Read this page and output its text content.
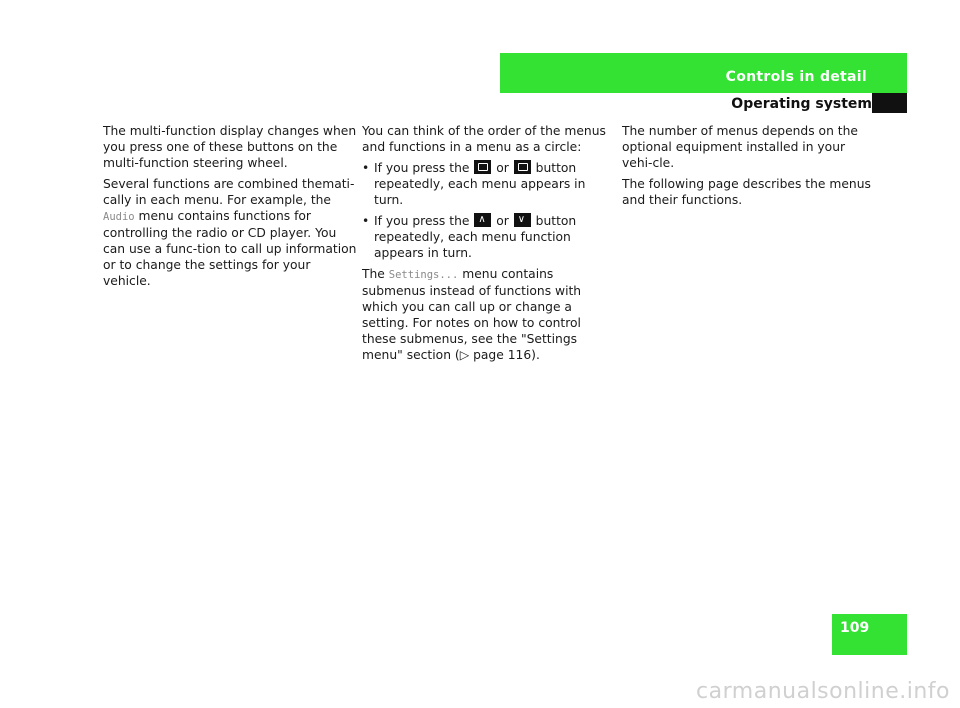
Controls in detail
Operating system

The multi-function display changes when you press one of these buttons on the multi-function steering wheel.

Several functions are combined themati-cally in each menu. For example, the Audio menu contains functions for controlling the radio or CD player. You can use a func-tion to call up information or to change the settings for your vehicle.

You can think of the order of the menus and functions in a menu as a circle:

• If you press the  or  button repeatedly, each menu appears in turn.
• If you press the ∧ or ∨ button repeatedly, each menu function appears in turn.

The Settings... menu contains submenus instead of functions with which you can call up or change a setting. For notes on how to control these submenus, see the "Settings menu" section (▷ page 116).

The number of menus depends on the optional equipment installed in your vehi-cle.

The following page describes the menus and their functions.

109
carmanualsonline.info
